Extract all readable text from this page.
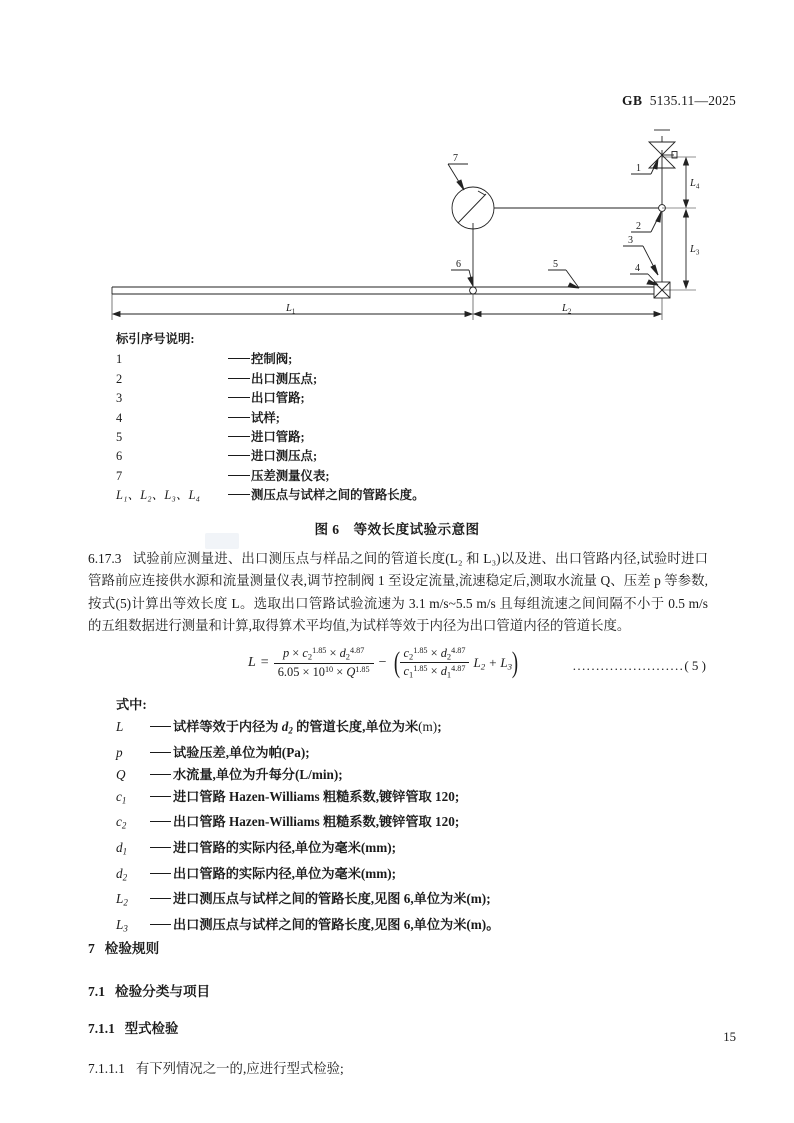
GB 5135.11—2025
7
1
2
3
4
5
6
$L_1$	$L_2$
$L_3$
$L_4$
标引序号说明:
1	控制阀;
2	出口测压点;
3	出口管路;
4	试样;
5	进口管路;
6	进口测压点;
7	压差测量仪表;
L₁、L₂、L₃、L₄	测压点与试样之间的管路长度。
图 6 等效长度试验示意图
6.17.3 试验前应测量进、出口测压点与样品之间的管道长度(L₂ 和 L₃)以及进、出口管路内径,试验时进口管路前应连接供水源和流量测量仪表,调节控制阀 1 至设定流量,流速稳定后,测取水流量 Q、压差 p 等参数,按式(5)计算出等效长度 L。选取出口管路试验流速为 3.1 m/s~5.5 m/s 且每组流速之间间隔不小于 0.5 m/s 的五组数据进行测量和计算,取得算术平均值,为试样等效于内径为出口管道内径的管道长度。
$L = \frac{p \times c_2^{1.85} \times d_2^{4.87}}{6.05 \times 10^{10} \times Q^{1.85}}$ − ( $\frac{c_2^{1.85} \times d_2^{4.87}}{c_1^{1.85} \times d_1^{4.87}} L_2 + L_3$ )	........................( 5 )
式中:
L	试样等效于内径为 $d_2$ 的管道长度,单位为米(m);
p	试验压差,单位为帕(Pa);
Q	水流量,单位为升每分(L/min);
$c_1$	进口管路 Hazen-Williams 粗糙系数,镀锌管取 120;
$c_2$	出口管路 Hazen-Williams 粗糙系数,镀锌管取 120;
$d_1$	进口管路的实际内径,单位为毫米(mm);
$d_2$	出口管路的实际内径,单位为毫米(mm);
$L_2$	进口测压点与试样之间的管路长度,见图 6,单位为米(m);
$L_3$	出口测压点与试样之间的管路长度,见图 6,单位为米(m)。
7 检验规则
7.1 检验分类与项目
7.1.1 型式检验
7.1.1.1 有下列情况之一的,应进行型式检验;
15
